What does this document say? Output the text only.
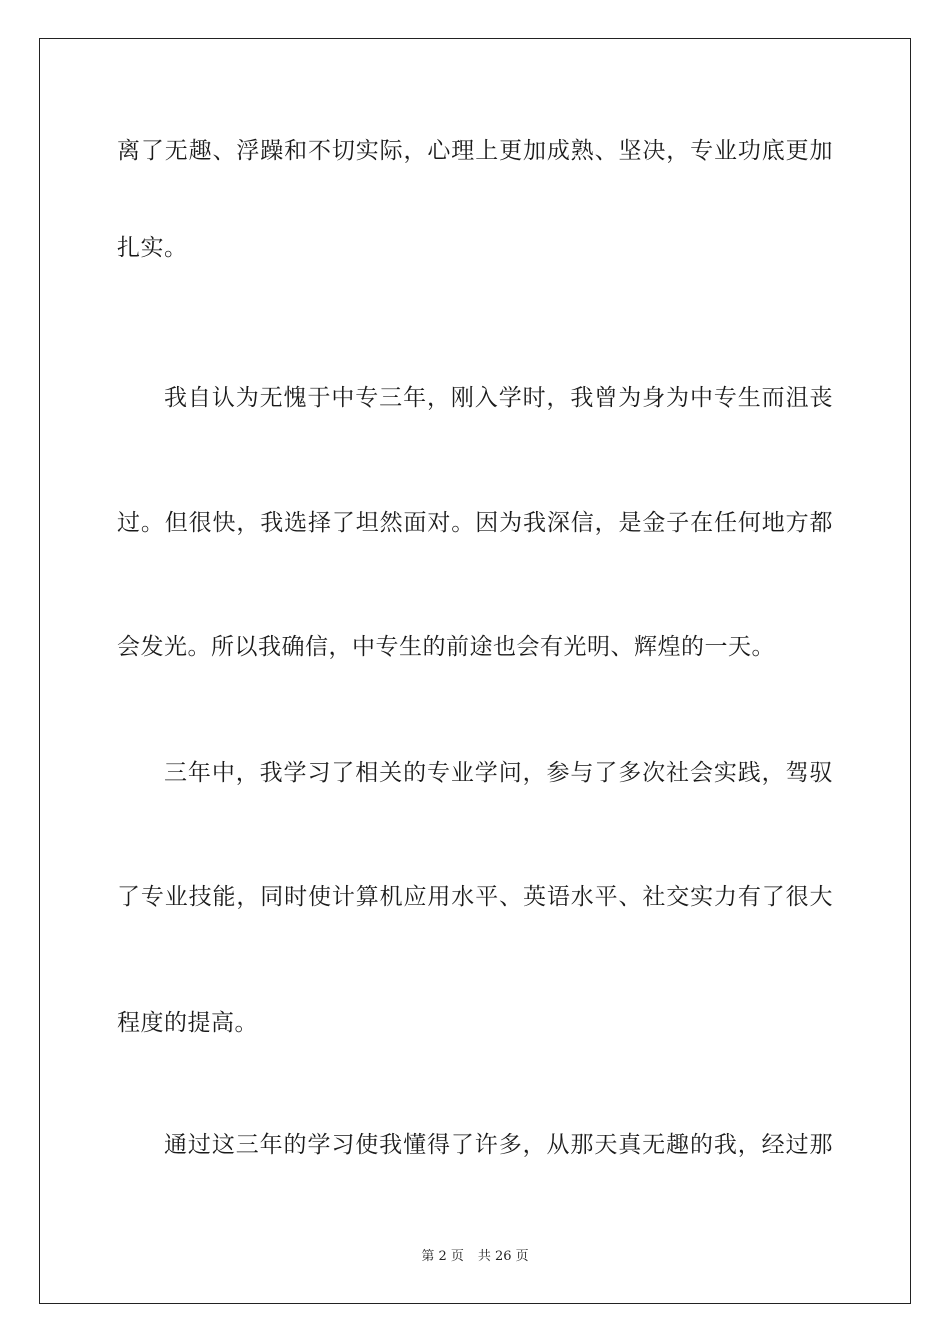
离了无趣、浮躁和不切实际，心理上更加成熟、坚决，专业功底更加
扎实。
我自认为无愧于中专三年，刚入学时，我曾为身为中专生而沮丧
过。但很快，我选择了坦然面对。因为我深信，是金子在任何地方都
会发光。所以我确信，中专生的前途也会有光明、辉煌的一天。
三年中，我学习了相关的专业学问，参与了多次社会实践，驾驭
了专业技能，同时使计算机应用水平、英语水平、社交实力有了很大
程度的提高。
通过这三年的学习使我懂得了许多，从那天真无趣的我，经过那
第 2 页 共 26 页
